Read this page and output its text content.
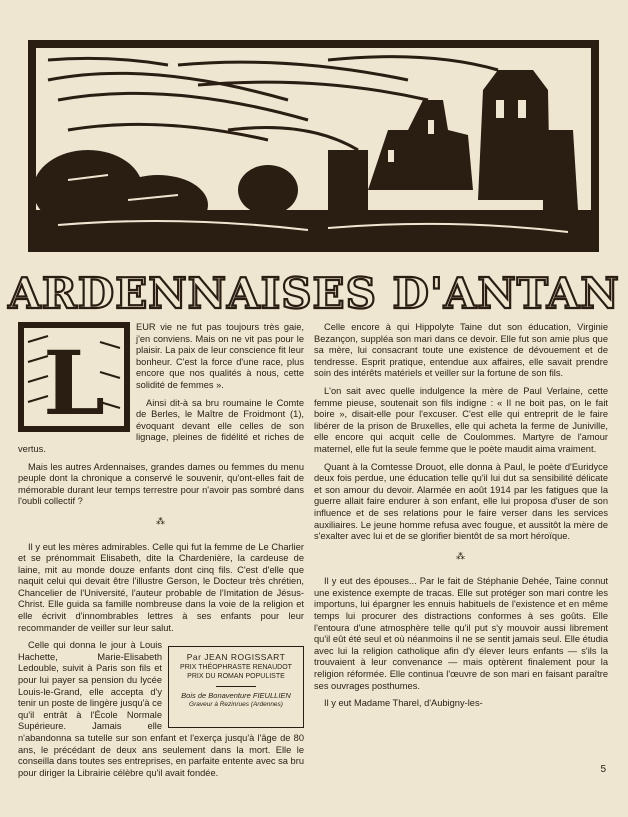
ARDENNAISES D'ANTAN
L

EUR vie ne fut pas toujours très gaie, j'en conviens. Mais on ne vit pas pour le plaisir. La paix de leur conscience fit leur bonheur. C'est la force d'une race, plus encore que nos qualités à nous, cette solidité de femmes ».

Ainsi dit-à sa bru roumaine le Comte de Berles, le Maître de Froidmont (1), évoquant devant elle celles de son lignage, pleines de fidélité et riches de vertus.

Mais les autres Ardennaises, grandes dames ou femmes du menu peuple dont la chronique a conservé le souvenir, qu'ont-elles fait de mémorable durant leur temps terrestre pour n'avoir pas sombré dans l'oubli collectif ?

⁂

Il y eut les mères admirables. Celle qui fut la femme de Le Charlier et se prénommait Elisabeth, dite la Chardenière, la cardeuse de laine, mit au monde douze enfants dont cinq fils. C'est d'elle que naquit celui qui devait être l'illustre Gerson, le Docteur très chrétien, Chancelier de l'Université, l'auteur probable de l'Imitation de Jésus-Christ. Elle guida sa famille nombreuse dans la voie de la religion et elle écrivit d'innombrables lettres à ses enfants pour leur recommander de veiller sur leur salut.

Par JEAN ROGISSART
PRIX THÉOPHRASTE RENAUDOT
PRIX DU ROMAN POPULISTE
Bois de Bonaventure FIEULLIEN
Graveur à Rezinrues (Ardennes)

Celle qui donna le jour à Louis Hachette, Marie-Elisabeth Ledouble, suivit à Paris son fils et pour lui payer sa pension du lycée Louis-le-Grand, elle accepta d'y tenir un poste de lingère jusqu'à ce qu'il entrât à l'École Normale Supérieure. Jamais elle n'abandonna sa tutelle sur son enfant et l'exerça jusqu'à l'âge de 80 ans, le précédant de deux ans seulement dans la mort. Elle le conseilla dans toutes ses entreprises, en parfaite entente avec sa bru pour diriger la Librairie célèbre qu'il avait fondée.

Celle encore à qui Hippolyte Taine dut son éducation, Virginie Bezançon, suppléa son mari dans ce devoir. Elle fut son amie plus que sa mère, lui consacrant toute une existence de dévouement et de tendresse. Esprit pratique, entendue aux affaires, elle savait prendre soin des intérêts matériels et veiller sur la fortune de son fils.

L'on sait avec quelle indulgence la mère de Paul Verlaine, cette femme pieuse, soutenait son fils indigne : « Il ne boit pas, on le fait boire », disait-elle pour l'excuser. C'est elle qui entreprit de le faire libérer de la prison de Bruxelles, elle qui acheta la ferme de Juniville, elle encore qui acquit celle de Coulommes. Martyre de l'amour maternel, elle fut la seule femme que le poète maudit aima vraiment.

Quant à la Comtesse Drouot, elle donna à Paul, le poète d'Euridyce deux fois perdue, une éducation telle qu'il lui dut sa sensibilité délicate et son amour du devoir. Alarmée en août 1914 par les fatigues que la guerre allait faire endurer à son enfant, elle lui proposa d'user de son influence et de ses relations pour le faire verser dans les services auxiliaires. Le jeune homme refusa avec fougue, et aussitôt la mère de s'exalter avec lui et de se glorifier bientôt de sa mort héroïque.

⁂

Il y eut des épouses... Par le fait de Stéphanie Dehée, Taine connut une existence exempte de tracas. Elle sut protéger son mari contre les importuns, lui épargner les ennuis habituels de l'existence et en même temps lui procurer des distractions conformes à ses goûts. Elle l'entoura d'une atmosphère telle qu'il put s'y mouvoir aussi librement qu'il eût été seul et où néanmoins il ne se sentit jamais seul. Elle étudia avec lui la religion catholique afin d'y élever leurs enfants — s'ils la trouvaient à leur convenance — mais optèrent finalement pour la religion réformée. Elle continua l'œuvre de son mari en faisant paraître ses ouvrages posthumes.

Il y eut Madame Tharel, d'Aubigny-les-

5
